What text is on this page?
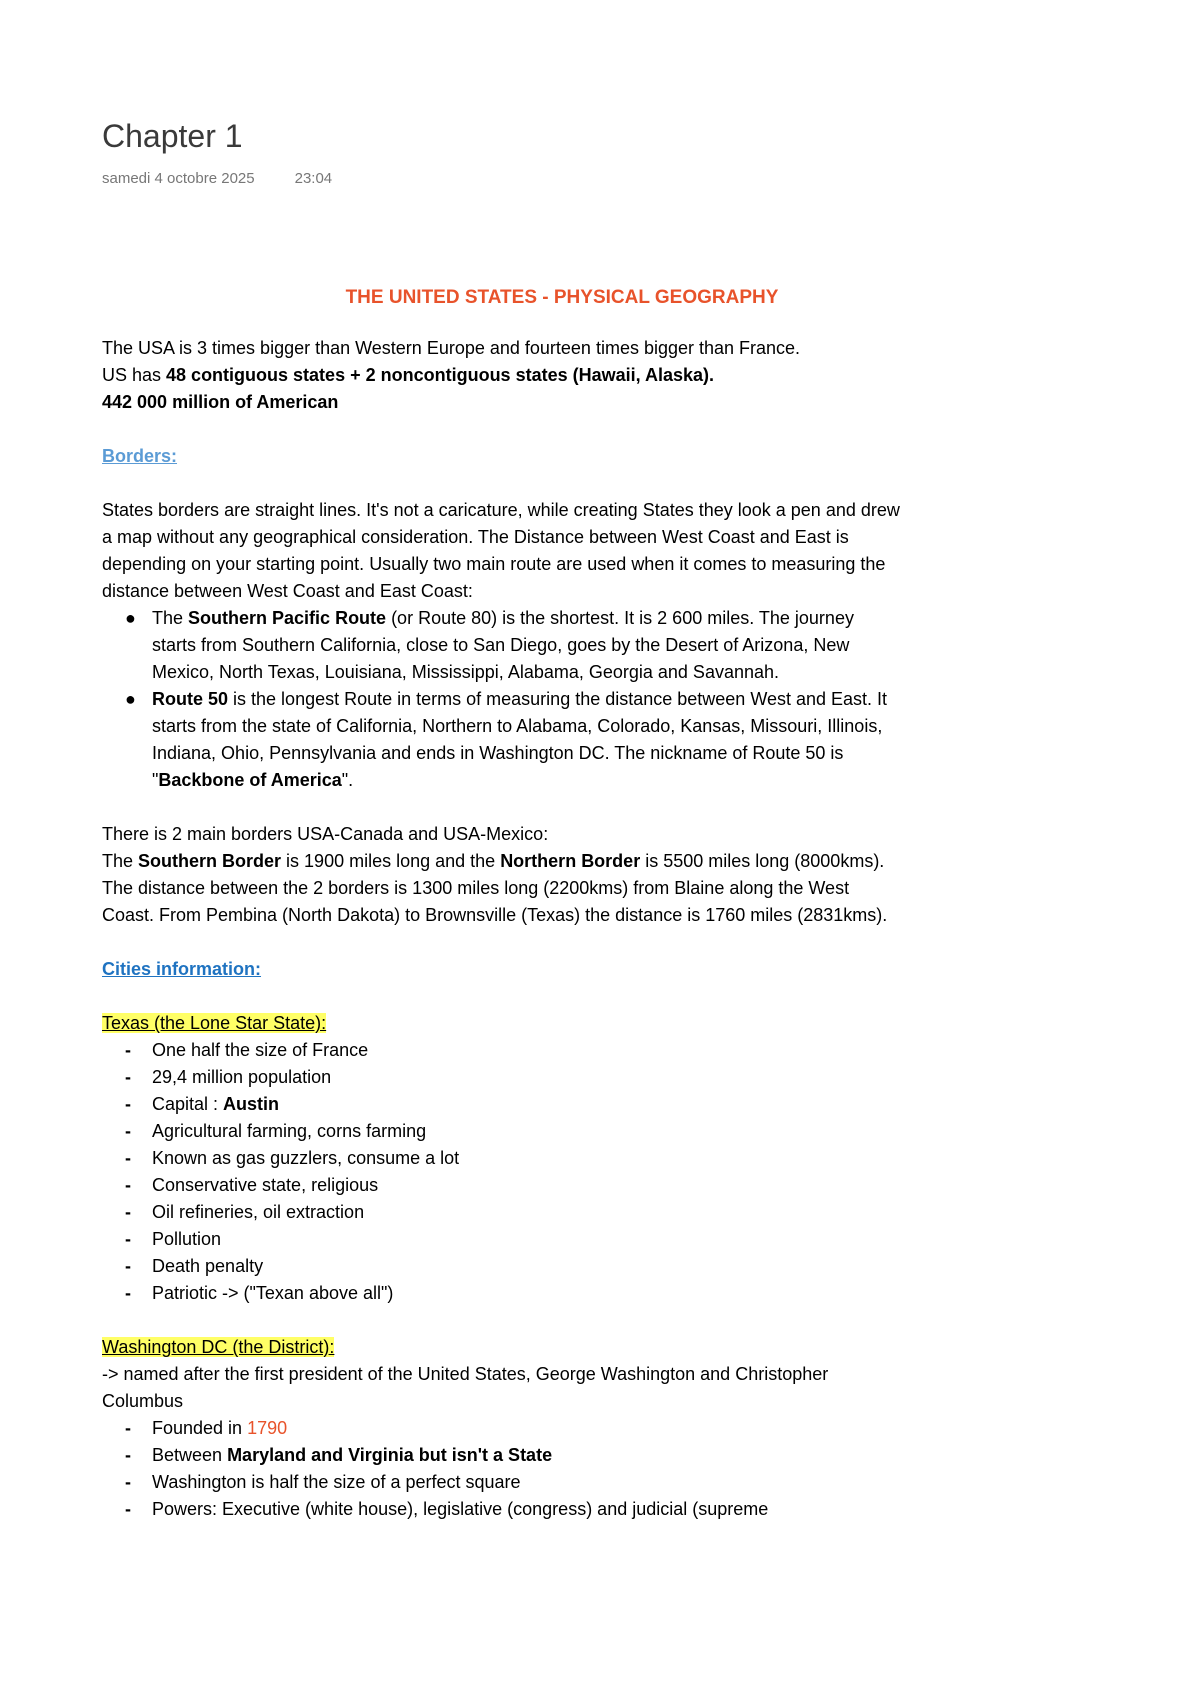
Chapter 1
samedi 4 octobre 2025	23:04
THE UNITED STATES - PHYSICAL GEOGRAPHY

The USA is 3 times bigger than Western Europe and fourteen times bigger than France.

US has 48 contiguous states + 2 noncontiguous states (Hawaii, Alaska).

442 000 million of American

Borders:

States borders are straight lines. It's not a caricature, while creating States they look a pen and drew a map without any geographical consideration. The Distance between West Coast and East is depending on your starting point. Usually two main route are used when it comes to measuring the distance between West Coast and East Coast:

● The Southern Pacific Route (or Route 80) is the shortest. It is 2 600 miles. The journey starts from Southern California, close to San Diego, goes by the Desert of Arizona, New Mexico, North Texas, Louisiana, Mississippi, Alabama, Georgia and Savannah.
● Route 50 is the longest Route in terms of measuring the distance between West and East. It starts from the state of California, Northern to Alabama, Colorado, Kansas, Missouri, Illinois, Indiana, Ohio, Pennsylvania and ends in Washington DC. The nickname of Route 50 is "Backbone of America".

There is 2 main borders USA-Canada and USA-Mexico:

The Southern Border is 1900 miles long and the Northern Border is 5500 miles long (8000kms). The distance between the 2 borders is 1300 miles long (2200kms) from Blaine along the West Coast. From Pembina (North Dakota) to Brownsville (Texas) the distance is 1760 miles (2831kms).

Cities information:

Texas (the Lone Star State):

- One half the size of France
- 29,4 million population
- Capital : Austin
- Agricultural farming, corns farming
- Known as gas guzzlers, consume a lot
- Conservative state, religious
- Oil refineries, oil extraction
- Pollution
- Death penalty
- Patriotic -> ("Texan above all")

Washington DC (the District):

-> named after the first president of the United States, George Washington and Christopher Columbus

- Founded in 1790
- Between Maryland and Virginia but isn't a State
- Washington is half the size of a perfect square
- Powers: Executive (white house), legislative (congress) and judicial (supreme
